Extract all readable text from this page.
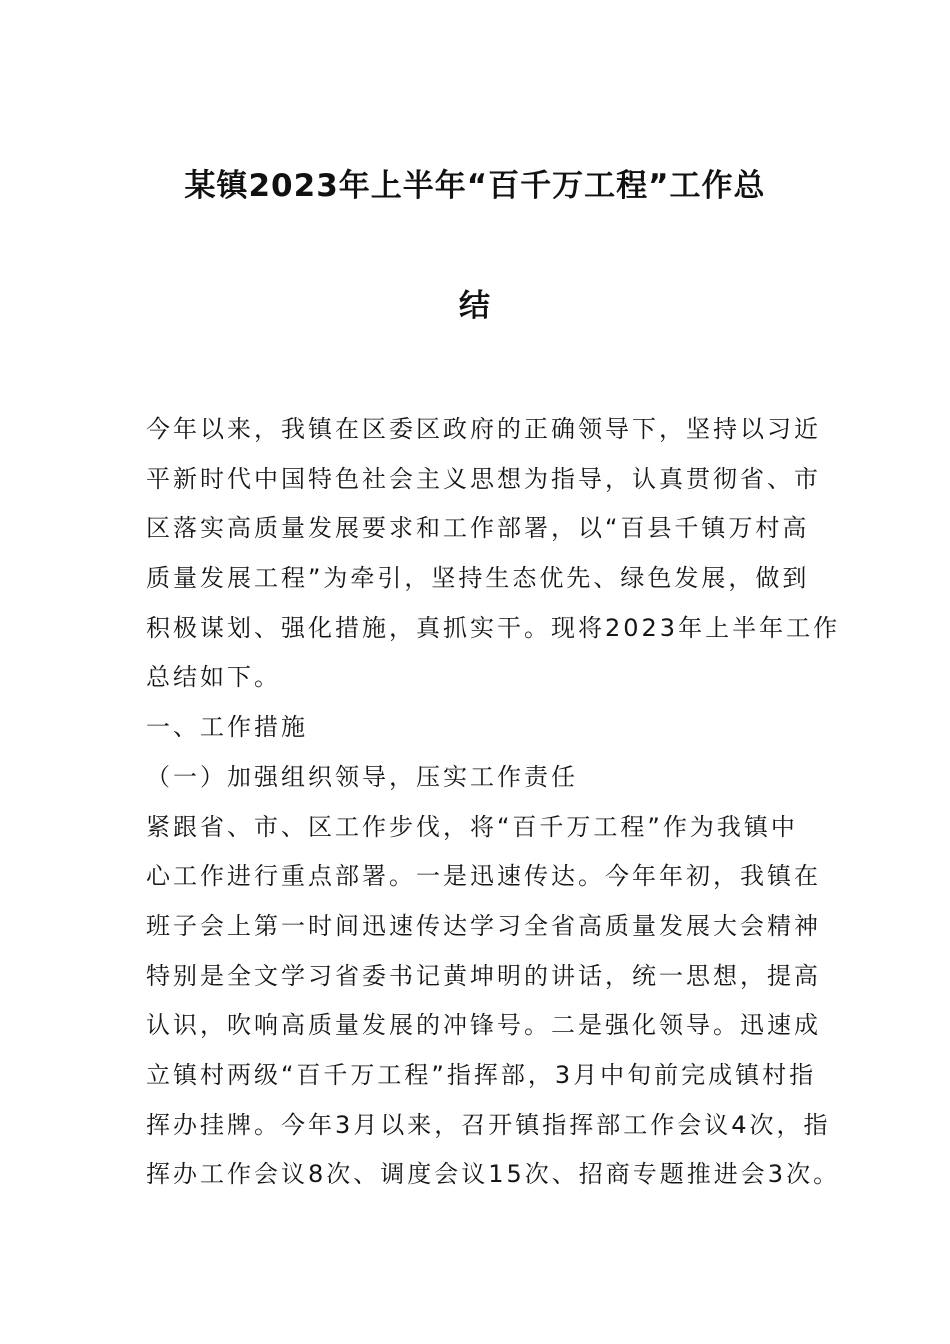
某镇2023年上半年“百千万工程”工作总
结
今年以来，我镇在区委区政府的正确领导下，坚持以习近
平新时代中国特色社会主义思想为指导，认真贯彻省、市
区落实高质量发展要求和工作部署，以“百县千镇万村高
质量发展工程”为牵引，坚持生态优先、绿色发展，做到
积极谋划、强化措施，真抓实干。现将2023年上半年工作
总结如下。
一、工作措施
（一）加强组织领导，压实工作责任
紧跟省、市、区工作步伐，将“百千万工程”作为我镇中
心工作进行重点部署。一是迅速传达。今年年初，我镇在
班子会上第一时间迅速传达学习全省高质量发展大会精神
特别是全文学习省委书记黄坤明的讲话，统一思想，提高
认识，吹响高质量发展的冲锋号。二是强化领导。迅速成
立镇村两级“百千万工程”指挥部，3月中旬前完成镇村指
挥办挂牌。今年3月以来，召开镇指挥部工作会议4次，指
挥办工作会议8次、调度会议15次、招商专题推进会3次。
